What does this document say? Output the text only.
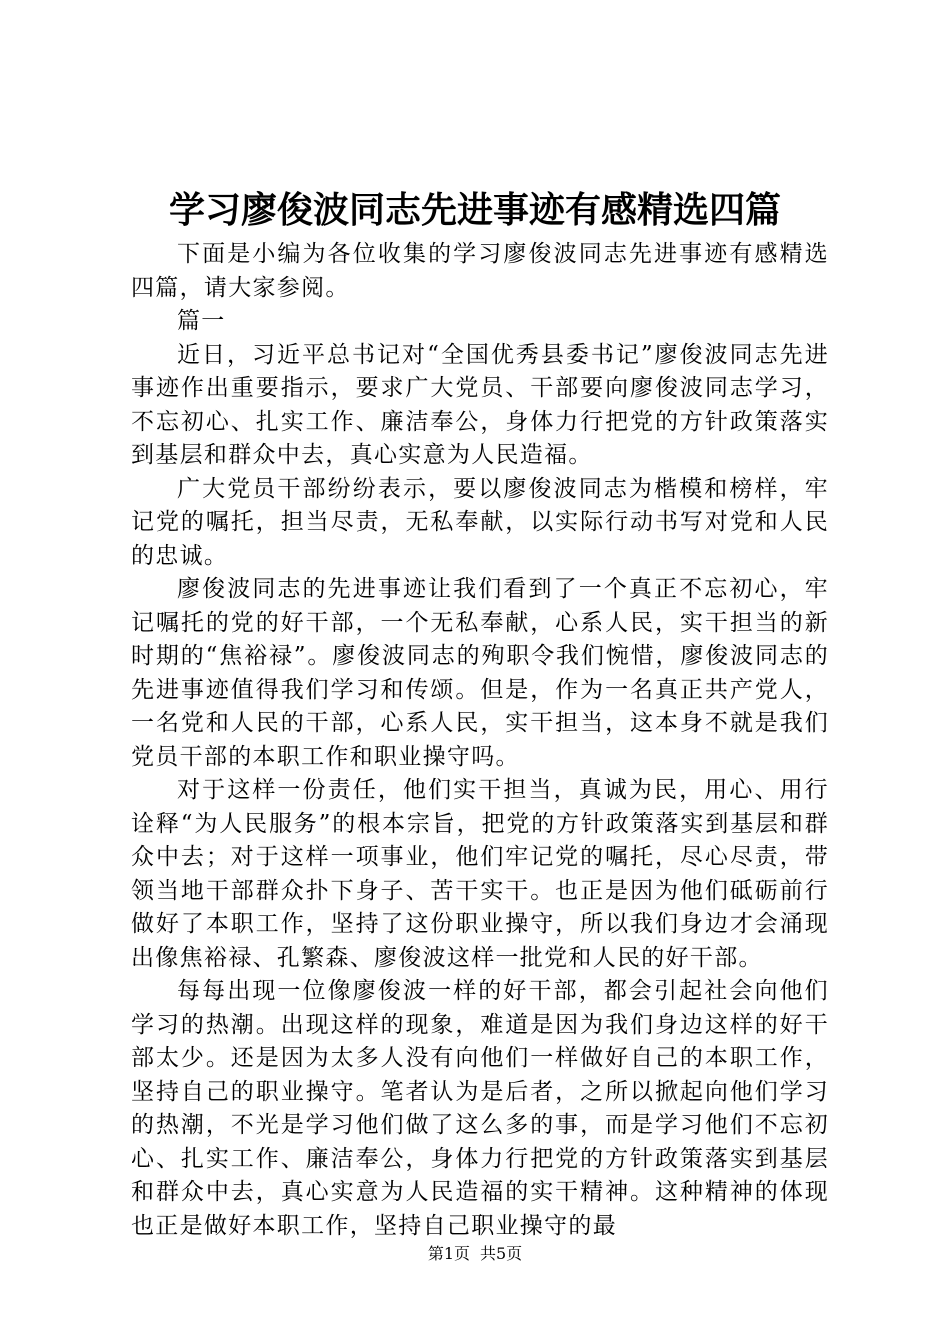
学习廖俊波同志先进事迹有感精选四篇

下面是小编为各位收集的学习廖俊波同志先进事迹有感精选四篇，请大家参阅。

篇一

近日，习近平总书记对“全国优秀县委书记”廖俊波同志先进事迹作出重要指示，要求广大党员、干部要向廖俊波同志学习，不忘初心、扎实工作、廉洁奉公，身体力行把党的方针政策落实到基层和群众中去，真心实意为人民造福。

广大党员干部纷纷表示，要以廖俊波同志为楷模和榜样，牢记党的嘱托，担当尽责，无私奉献，以实际行动书写对党和人民的忠诚。

廖俊波同志的先进事迹让我们看到了一个真正不忘初心，牢记嘱托的党的好干部，一个无私奉献，心系人民，实干担当的新时期的“焦裕禄”。廖俊波同志的殉职令我们惋惜，廖俊波同志的先进事迹值得我们学习和传颂。但是，作为一名真正共产党人，一名党和人民的干部，心系人民，实干担当，这本身不就是我们党员干部的本职工作和职业操守吗。

对于这样一份责任，他们实干担当，真诚为民，用心、用行诠释“为人民服务”的根本宗旨，把党的方针政策落实到基层和群众中去；对于这样一项事业，他们牢记党的嘱托，尽心尽责，带领当地干部群众扑下身子、苦干实干。也正是因为他们砥砺前行做好了本职工作，坚持了这份职业操守，所以我们身边才会涌现出像焦裕禄、孔繁森、廖俊波这样一批党和人民的好干部。

每每出现一位像廖俊波一样的好干部，都会引起社会向他们学习的热潮。出现这样的现象，难道是因为我们身边这样的好干部太少。还是因为太多人没有向他们一样做好自己的本职工作，坚持自己的职业操守。笔者认为是后者，之所以掀起向他们学习的热潮，不光是学习他们做了这么多的事，而是学习他们不忘初心、扎实工作、廉洁奉公，身体力行把党的方针政策落实到基层和群众中去，真心实意为人民造福的实干精神。这种精神的体现也正是做好本职工作，坚持自己职业操守的最

第1页 共5页
